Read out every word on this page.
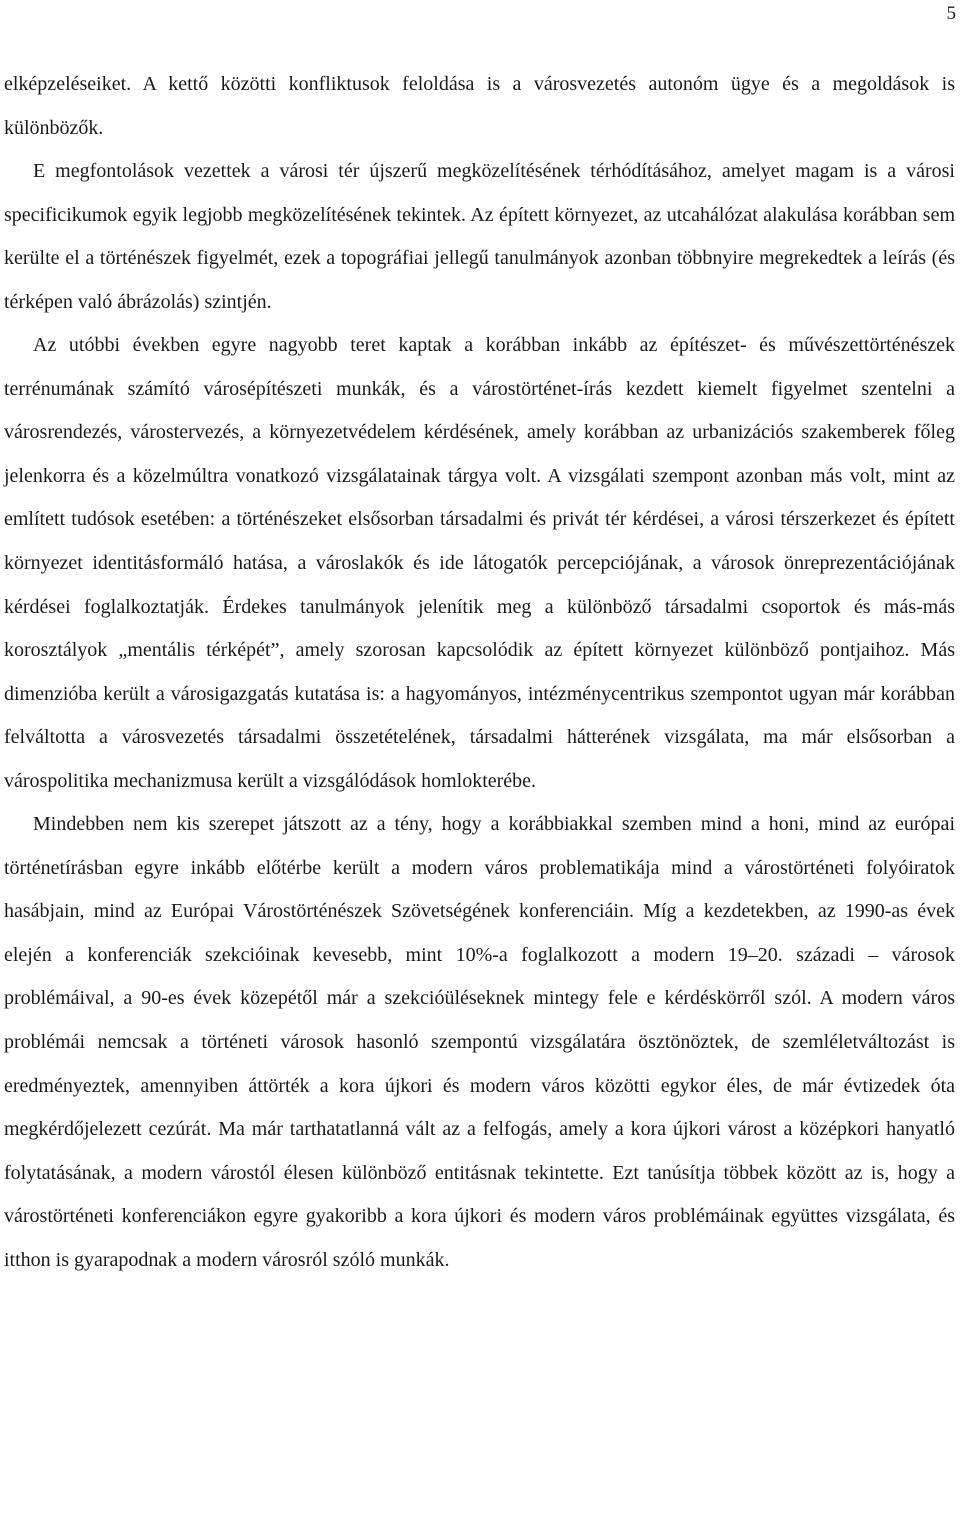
5

elképzeléseiket. A kettő közötti konfliktusok feloldása is a városvezetés autonóm ügye és a megoldások is különbözők.

E megfontolások vezettek a városi tér újszerű megközelítésének térhódításához, amelyet magam is a városi specificikumok egyik legjobb megközelítésének tekintek. Az épített környezet, az utcahálózat alakulása korábban sem kerülte el a történészek figyelmét, ezek a topográfiai jellegű tanulmányok azonban többnyire megrekedtek a leírás (és térképen való ábrázolás) szintjén.

Az utóbbi években egyre nagyobb teret kaptak a korábban inkább az építészet- és művészettörténészek terrénumának számító városépítészeti munkák, és a várostörténet-írás kezdett kiemelt figyelmet szentelni a városrendezés, várostervezés, a környezetvédelem kérdésének, amely korábban az urbanizációs szakemberek főleg jelenkorra és a közelmúltra vonatkozó vizsgálatainak tárgya volt. A vizsgálati szempont azonban más volt, mint az említett tudósok esetében: a történészeket elsősorban társadalmi és privát tér kérdései, a városi térszerkezet és épített környezet identitásformáló hatása, a városlakók és ide látogatók percepciójának, a városok önreprezentációjának kérdései foglalkoztatják. Érdekes tanulmányok jelenítik meg a különböző társadalmi csoportok és más-más korosztályok „mentális térképét”, amely szorosan kapcsolódik az épített környezet különböző pontjaihoz. Más dimenzióba került a városigazgatás kutatása is: a hagyományos, intézménycentrikus szempontot ugyan már korábban felváltotta a városvezetés társadalmi összetételének, társadalmi hátterének vizsgálata, ma már elsősorban a várospolitika mechanizmusa került a vizsgálódások homlokterébe.

Mindebben nem kis szerepet játszott az a tény, hogy a korábbiakkal szemben mind a honi, mind az európai történetírásban egyre inkább előtérbe került a modern város problematikája mind a várostörténeti folyóiratok hasábjain, mind az Európai Várostörténészek Szövetségének konferenciáin. Míg a kezdetekben, az 1990-as évek elején a konferenciák szekcióinak kevesebb, mint 10%-a foglalkozott a modern 19–20. századi – városok problémáival, a 90-es évek közepétől már a szekcióüléseknek mintegy fele e kérdéskörről szól. A modern város problémái nemcsak a történeti városok hasonló szempontú vizsgálatára ösztönöztek, de szemléletváltozást is eredményeztek, amennyiben áttörték a kora újkori és modern város közötti egykor éles, de már évtizedek óta megkérdőjelezett cezúrát. Ma már tarthatatlanná vált az a felfogás, amely a kora újkori várost a középkori hanyatló folytatásának, a modern várostól élesen különböző entitásnak tekintette. Ezt tanúsítja többek között az is, hogy a várostörténeti konferenciákon egyre gyakoribb a kora újkori és modern város problémáinak együttes vizsgálata, és itthon is gyarapodnak a modern városról szóló munkák.
